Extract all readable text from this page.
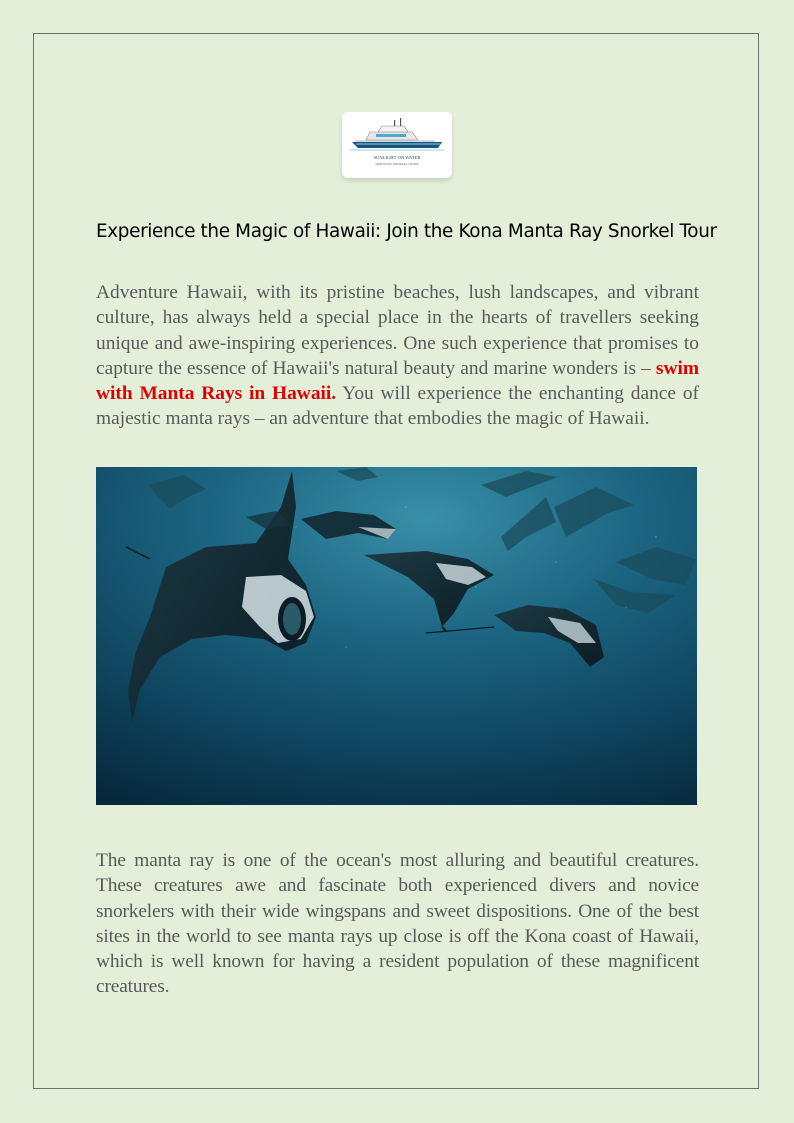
SUNLIGHT ON WATER
MANTA RAY SNORKEL TOURS
Experience the Magic of Hawaii: Join the Kona Manta Ray Snorkel Tour

Adventure Hawaii, with its pristine beaches, lush landscapes, and vibrant culture, has always held a special place in the hearts of travellers seeking unique and awe-inspiring experiences. One such experience that promises to capture the essence of Hawaii's natural beauty and marine wonders is – swim with Manta Rays in Hawaii. You will experience the enchanting dance of majestic manta rays – an adventure that embodies the magic of Hawaii.

The manta ray is one of the ocean's most alluring and beautiful creatures. These creatures awe and fascinate both experienced divers and novice snorkelers with their wide wingspans and sweet dispositions. One of the best sites in the world to see manta rays up close is off the Kona coast of Hawaii, which is well known for having a resident population of these magnificent creatures.
